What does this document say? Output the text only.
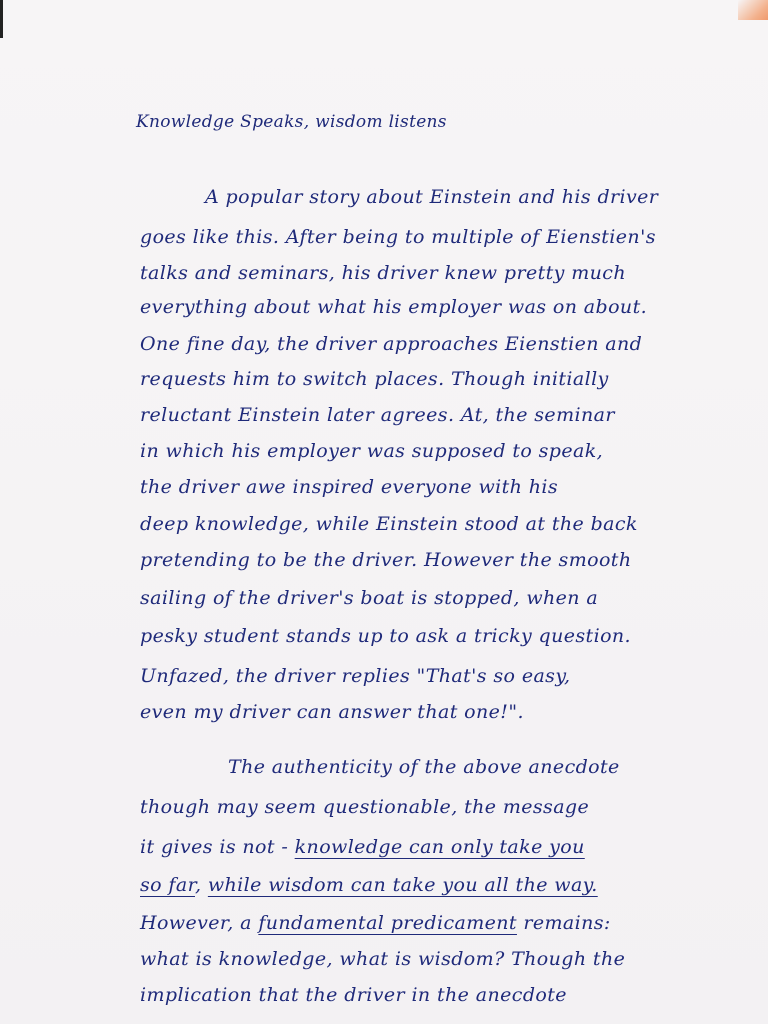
Knowledge Speaks, wisdom listens
A popular story about Einstein and his driver
goes like this. After being to multiple of Eienstien's
talks and seminars, his driver knew pretty much
everything about what his employer was on about.
One fine day, the driver approaches Eienstien and
requests him to switch places. Though initially
reluctant Einstein later agrees. At, the seminar
in which his employer was supposed to speak,
the driver awe inspired everyone with his
deep knowledge, while Einstein stood at the back
pretending to be the driver. However the smooth
sailing of the driver's boat is stopped, when a
pesky student stands up to ask a tricky question.
Unfazed, the driver replies "That's so easy,
even my driver can answer that one!".
The authenticity of the above anecdote
though may seem questionable, the message
it gives is not - knowledge can only take you
so far, while wisdom can take you all the way.
However, a fundamental predicament remains:
what is knowledge, what is wisdom? Though the
implication that the driver in the anecdote
